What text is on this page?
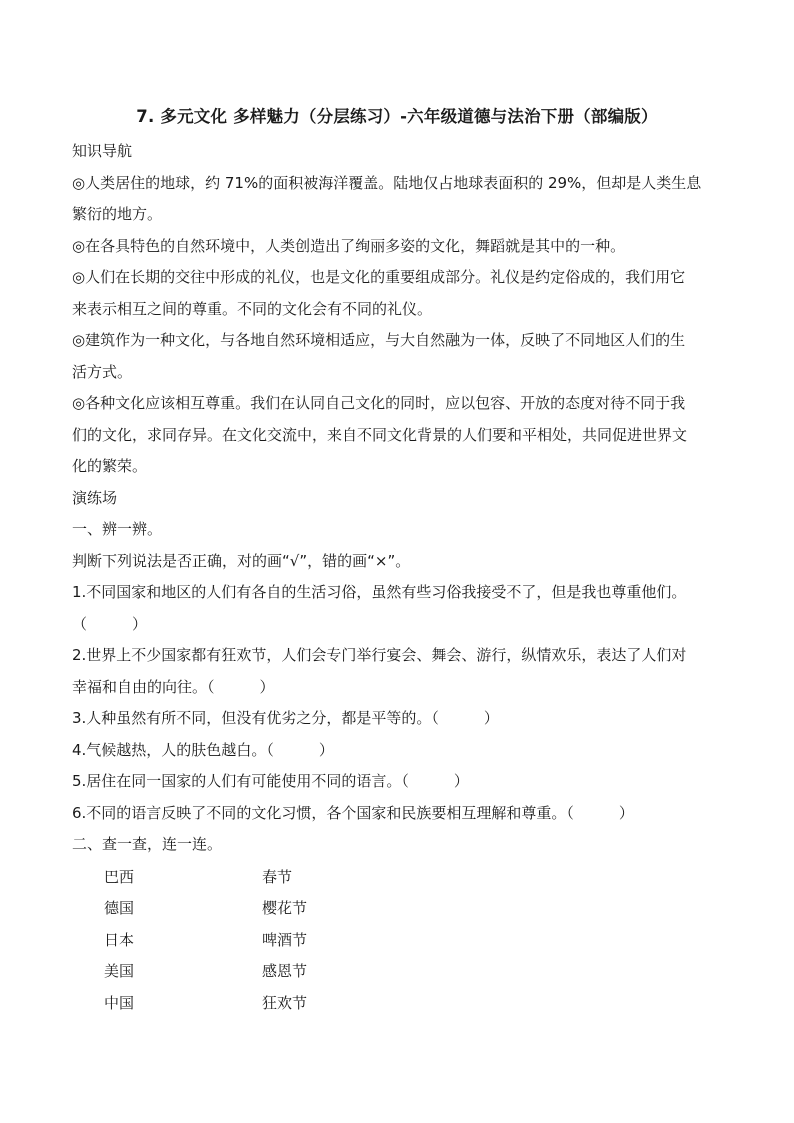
7. 多元文化 多样魅力（分层练习）-六年级道德与法治下册（部编版）

知识导航

◎人类居住的地球，约 71%的面积被海洋覆盖。陆地仅占地球表面积的 29%，但却是人类生息
繁衍的地方。
◎在各具特色的自然环境中，人类创造出了绚丽多姿的文化，舞蹈就是其中的一种。
◎人们在长期的交往中形成的礼仪，也是文化的重要组成部分。礼仪是约定俗成的，我们用它
来表示相互之间的尊重。不同的文化会有不同的礼仪。
◎建筑作为一种文化，与各地自然环境相适应，与大自然融为一体，反映了不同地区人们的生
活方式。
◎各种文化应该相互尊重。我们在认同自己文化的同时，应以包容、开放的态度对待不同于我
们的文化，求同存异。在文化交流中，来自不同文化背景的人们要和平相处，共同促进世界文
化的繁荣。

演练场

一、辨一辨。

判断下列说法是否正确，对的画“√”，错的画“×”。

1.不同国家和地区的人们有各自的生活习俗，虽然有些习俗我接受不了，但是我也尊重他们。
（　　　）
2.世界上不少国家都有狂欢节，人们会专门举行宴会、舞会、游行，纵情欢乐，表达了人们对
幸福和自由的向往。（　　　）
3.人种虽然有所不同，但没有优劣之分，都是平等的。（　　　）
4.气候越热，人的肤色越白。（　　　）
5.居住在同一国家的人们有可能使用不同的语言。（　　　）
6.不同的语言反映了不同的文化习惯，各个国家和民族要相互理解和尊重。（　　　）

二、查一查，连一连。

巴西	春节
德国	樱花节
日本	啤酒节
美国	感恩节
中国	狂欢节
